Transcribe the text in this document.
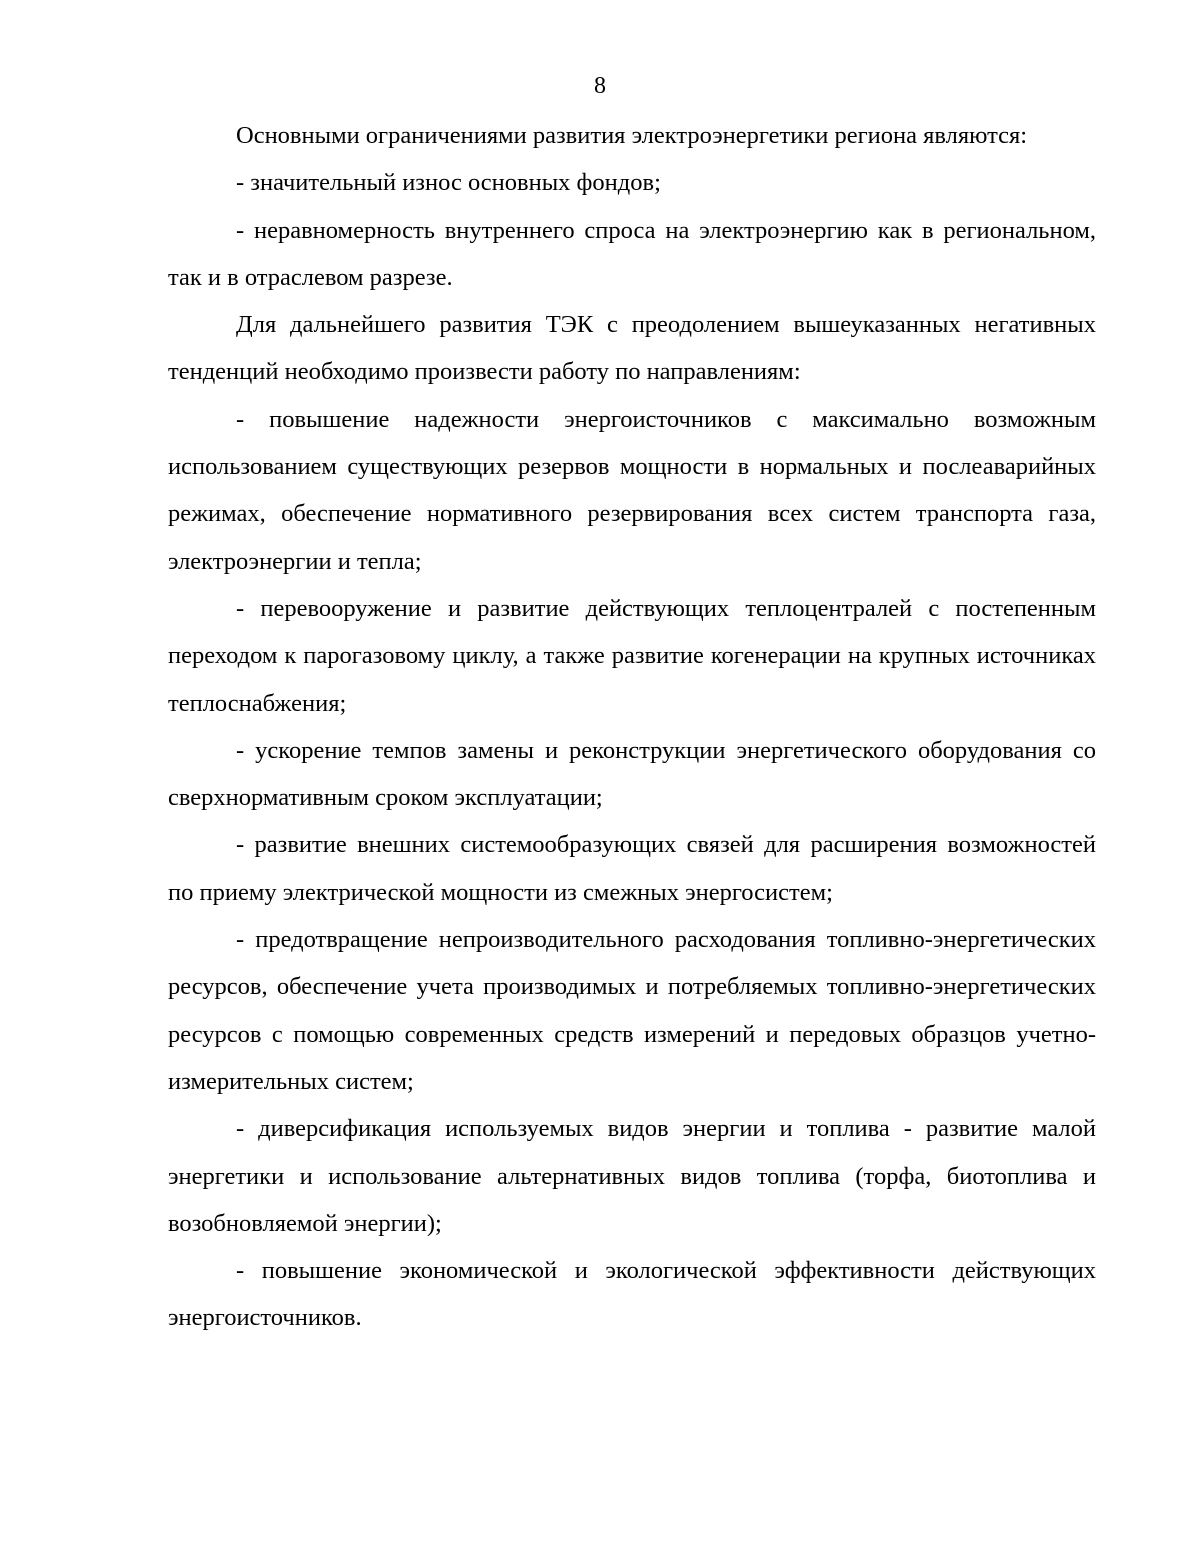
8

Основными ограничениями развития электроэнергетики региона являются:

- значительный износ основных фондов;

- неравномерность внутреннего спроса на электроэнергию как в региональном, так и в отраслевом разрезе.

Для дальнейшего развития ТЭК с преодолением вышеуказанных негативных тенденций необходимо произвести работу по направлениям:

- повышение надежности энергоисточников с максимально возможным использованием существующих резервов мощности в нормальных и послеаварийных режимах, обеспечение нормативного резервирования всех систем транспорта газа, электроэнергии и тепла;

- перевооружение и развитие действующих теплоцентралей с постепенным переходом к парогазовому циклу, а также развитие когенерации на крупных источниках теплоснабжения;

- ускорение темпов замены и реконструкции энергетического оборудования со сверхнормативным сроком эксплуатации;

- развитие внешних системообразующих связей для расширения возможностей по приему электрической мощности из смежных энергосистем;

- предотвращение непроизводительного расходования топливно-энергетических ресурсов, обеспечение учета производимых и потребляемых топливно-энергетических ресурсов с помощью современных средств измерений и передовых образцов учетно-измерительных систем;

- диверсификация используемых видов энергии и топлива - развитие малой энергетики и использование альтернативных видов топлива (торфа, биотоплива и возобновляемой энергии);

- повышение экономической и экологической эффективности действующих энергоисточников.
